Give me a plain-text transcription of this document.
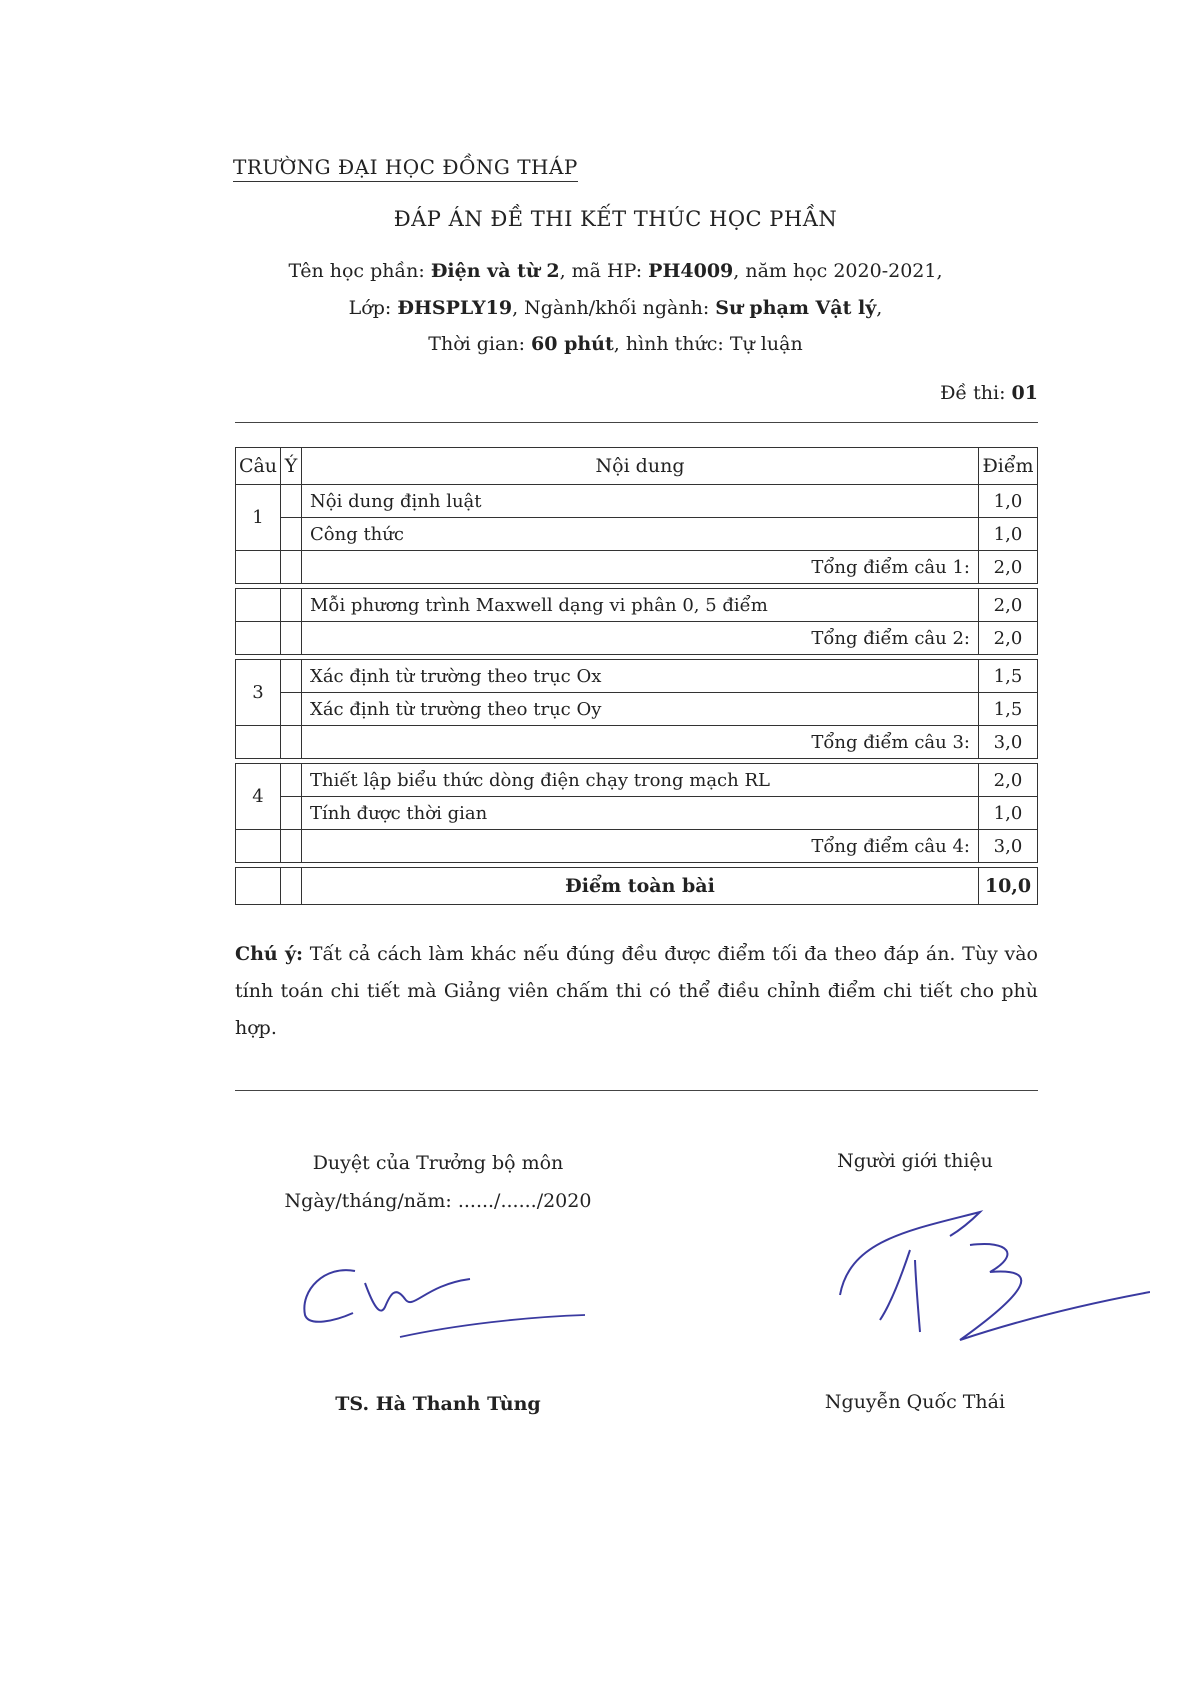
TRƯỜNG ĐẠI HỌC ĐỒNG THÁP
ĐÁP ÁN ĐỀ THI KẾT THÚC HỌC PHẦN
Tên học phần: Điện và từ 2, mã HP: PH4009, năm học 2020-2021,
Lớp: ĐHSPLY19, Ngành/khối ngành: Sư phạm Vật lý,
Thời gian: 60 phút, hình thức: Tự luận
Đề thi: 01
Câu	Ý	Nội dung	Điểm
1		Nội dung định luật	1,0
		Công thức	1,0
		Tổng điểm câu 1:	2,0

		Mỗi phương trình Maxwell dạng vi phân 0, 5 điểm	2,0
		Tổng điểm câu 2:	2,0

3		Xác định từ trường theo trục Ox	1,5
		Xác định từ trường theo trục Oy	1,5
		Tổng điểm câu 3:	3,0

4		Thiết lập biểu thức dòng điện chạy trong mạch RL	2,0
		Tính được thời gian	1,0
		Tổng điểm câu 4:	3,0

		Điểm toàn bài	10,0
Chú ý: Tất cả cách làm khác nếu đúng đều được điểm tối đa theo đáp án. Tùy vào tính toán chi tiết mà Giảng viên chấm thi có thể điều chỉnh điểm chi tiết cho phù hợp.
Duyệt của Trưởng bộ môn
Ngày/tháng/năm: ....../....../2020
Người giới thiệu
TS. Hà Thanh Tùng	Nguyễn Quốc Thái
